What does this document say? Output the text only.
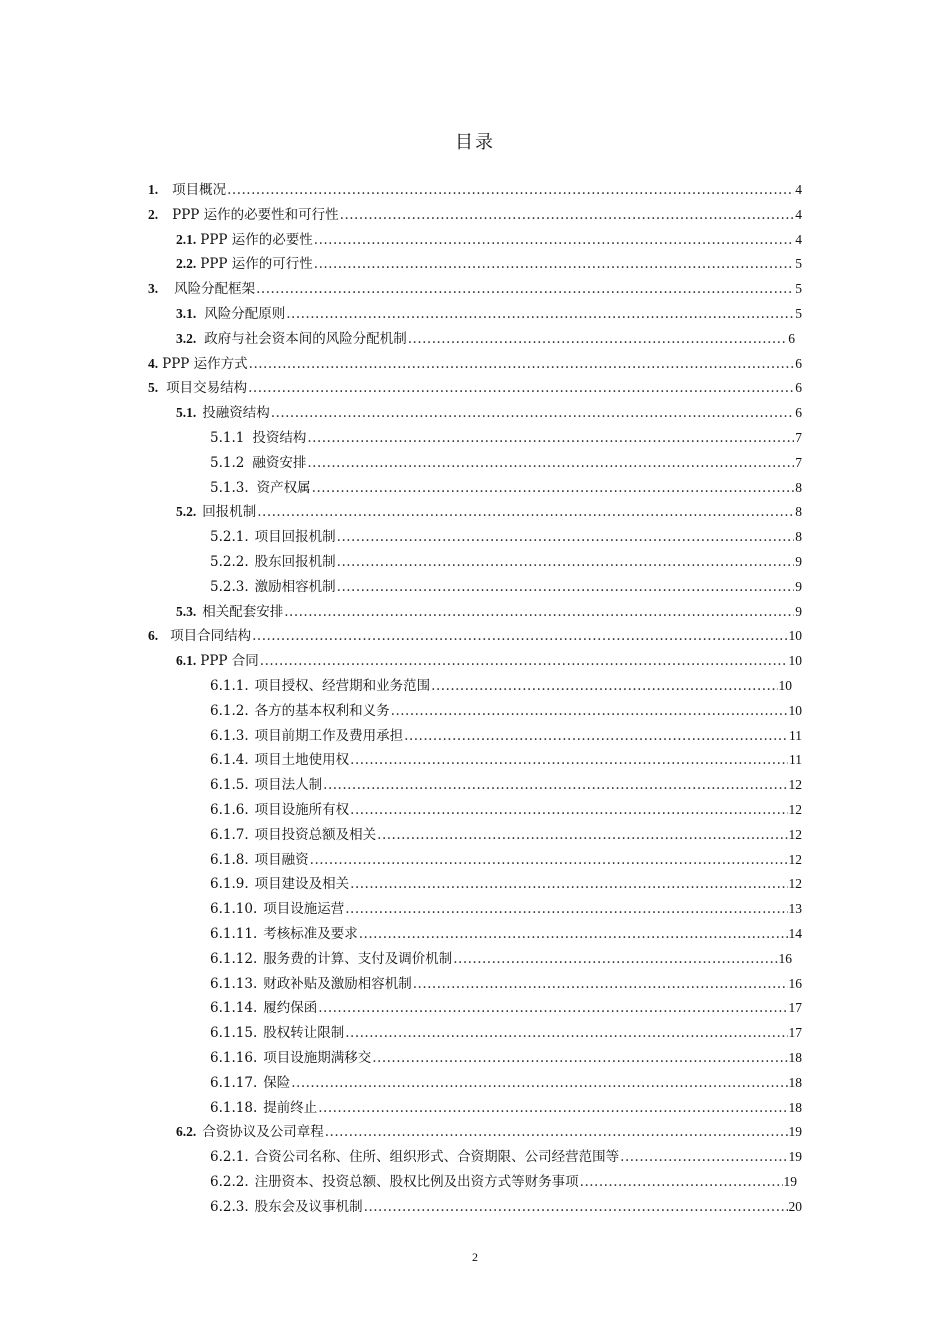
目录
1. 项目概况 .....	4
2. PPP 运作的必要性和可行性 .....	4
2.1. PPP 运作的必要性 .....	4
2.2. PPP 运作的可行性 .....	5
3. 风险分配框架 .....	5
3.1. 风险分配原则 .....	5
3.2. 政府与社会资本间的风险分配机制 .....	6
4. PPP 运作方式 .....	6
5. 项目交易结构 .....	6
5.1. 投融资结构 .....	6
5.1.1 投资结构 .....	7
5.1.2 融资安排 .....	7
5.1.3. 资产权属 .....	8
5.2. 回报机制 .....	8
5.2.1. 项目回报机制 .....	8
5.2.2. 股东回报机制 .....	9
5.2.3. 激励相容机制 .....	9
5.3. 相关配套安排 .....	9
6. 项目合同结构 .....	10
6.1. PPP 合同 .....	10
6.1.1. 项目授权、经营期和业务范围 .....	10
6.1.2. 各方的基本权利和义务 .....	10
6.1.3. 项目前期工作及费用承担 .....	11
6.1.4. 项目土地使用权 .....	11
6.1.5. 项目法人制 .....	12
6.1.6. 项目设施所有权 .....	12
6.1.7. 项目投资总额及相关 .....	12
6.1.8. 项目融资 .....	12
6.1.9. 项目建设及相关 .....	12
6.1.10. 项目设施运营 .....	13
6.1.11. 考核标准及要求 .....	14
6.1.12. 服务费的计算、支付及调价机制 .....	16
6.1.13. 财政补贴及激励相容机制 .....	16
6.1.14. 履约保函 .....	17
6.1.15. 股权转让限制 .....	17
6.1.16. 项目设施期满移交 .....	18
6.1.17. 保险 .....	18
6.1.18. 提前终止 .....	18
6.2. 合资协议及公司章程 .....	19
6.2.1. 合资公司名称、住所、组织形式、合资期限、公司经营范围等 .....	19
6.2.2. 注册资本、投资总额、股权比例及出资方式等财务事项 .....	19
6.2.3. 股东会及议事机制 .....	20
2
